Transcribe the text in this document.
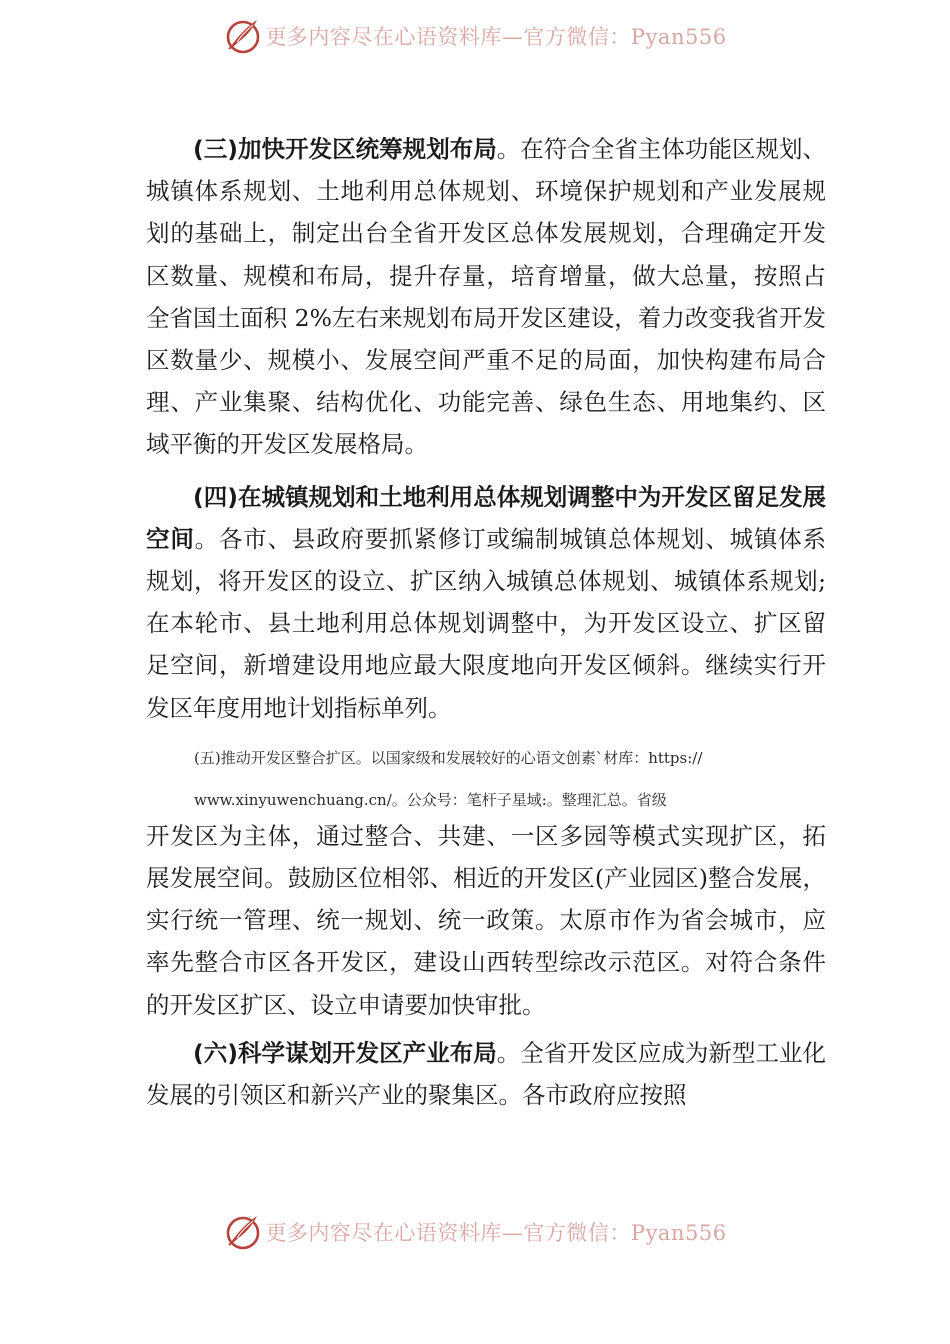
更多内容尽在心语资料库—官方微信：Pyan556

(三)加快开发区统筹规划布局。在符合全省主体功能区规划、城镇体系规划、土地利用总体规划、环境保护规划和产业发展规划的基础上，制定出台全省开发区总体发展规划，合理确定开发区数量、规模和布局，提升存量，培育增量，做大总量，按照占全省国土面积 2%左右来规划布局开发区建设，着力改变我省开发区数量少、规模小、发展空间严重不足的局面，加快构建布局合理、产业集聚、结构优化、功能完善、绿色生态、用地集约、区域平衡的开发区发展格局。

(四)在城镇规划和土地利用总体规划调整中为开发区留足发展空间。各市、县政府要抓紧修订或编制城镇总体规划、城镇体系规划，将开发区的设立、扩区纳入城镇总体规划、城镇体系规划;在本轮市、县土地利用总体规划调整中，为开发区设立、扩区留足空间，新增建设用地应最大限度地向开发区倾斜。继续实行开发区年度用地计划指标单列。

(五)推动开发区整合扩区。以国家级和发展较好的心语文创素`材库：https://

www.xinyuwenchuang.cn/。公众号：笔杆子星域:。整理汇总。省级

开发区为主体，通过整合、共建、一区多园等模式实现扩区，拓展发展空间。鼓励区位相邻、相近的开发区(产业园区)整合发展，实行统一管理、统一规划、统一政策。太原市作为省会城市，应率先整合市区各开发区，建设山西转型综改示范区。对符合条件的开发区扩区、设立申请要加快审批。

(六)科学谋划开发区产业布局。全省开发区应成为新型工业化发展的引领区和新兴产业的聚集区。各市政府应按照

更多内容尽在心语资料库—官方微信：Pyan556
